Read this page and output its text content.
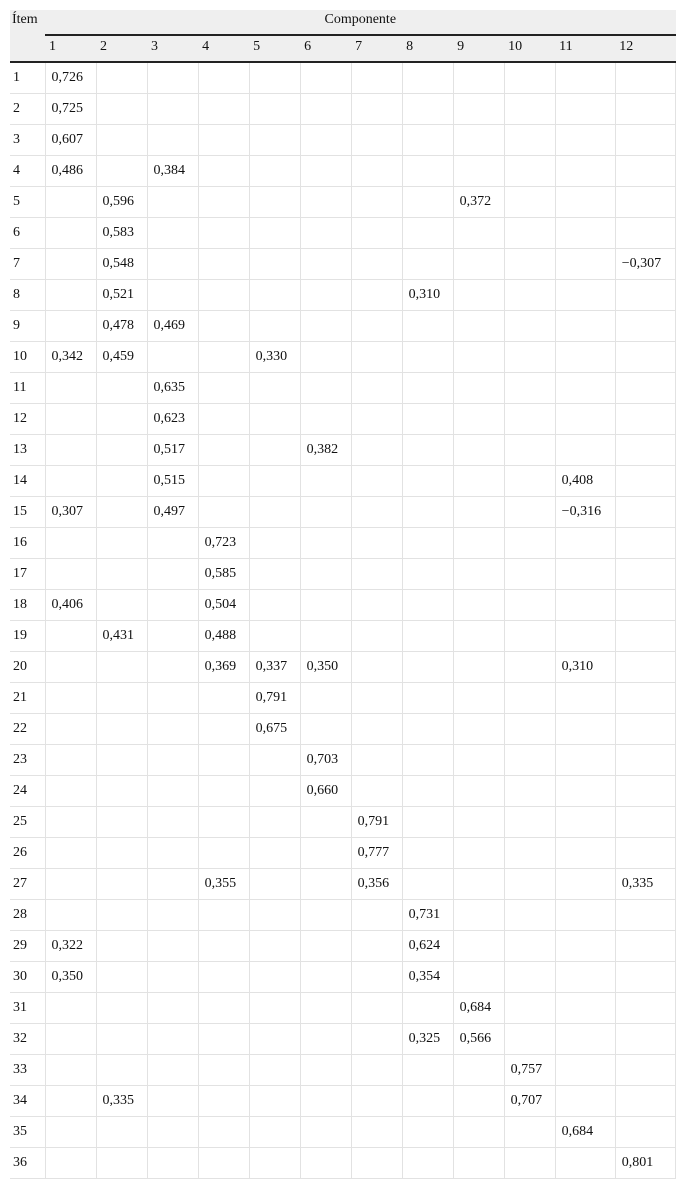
Ítem	Componente											
	1	2	3	4	5	6	7	8	9	10	11	12
1	0,726											
2	0,725											
3	0,607											
4	0,486		0,384									
5		0,596							0,372			
6		0,583										
7		0,548										−0,307
8		0,521						0,310				
9		0,478	0,469									
10	0,342	0,459			0,330							
11			0,635									
12			0,623									
13			0,517			0,382						
14			0,515								0,408	
15	0,307		0,497								−0,316	
16				0,723								
17				0,585								
18	0,406			0,504								
19		0,431		0,488								
20				0,369	0,337	0,350					0,310	
21					0,791							
22					0,675							
23						0,703						
24						0,660						
25							0,791					
26							0,777					
27				0,355			0,356					0,335
28								0,731				
29	0,322							0,624				
30	0,350							0,354				
31									0,684			
32								0,325	0,566			
33										0,757		
34		0,335								0,707		
35											0,684	
36												0,801
